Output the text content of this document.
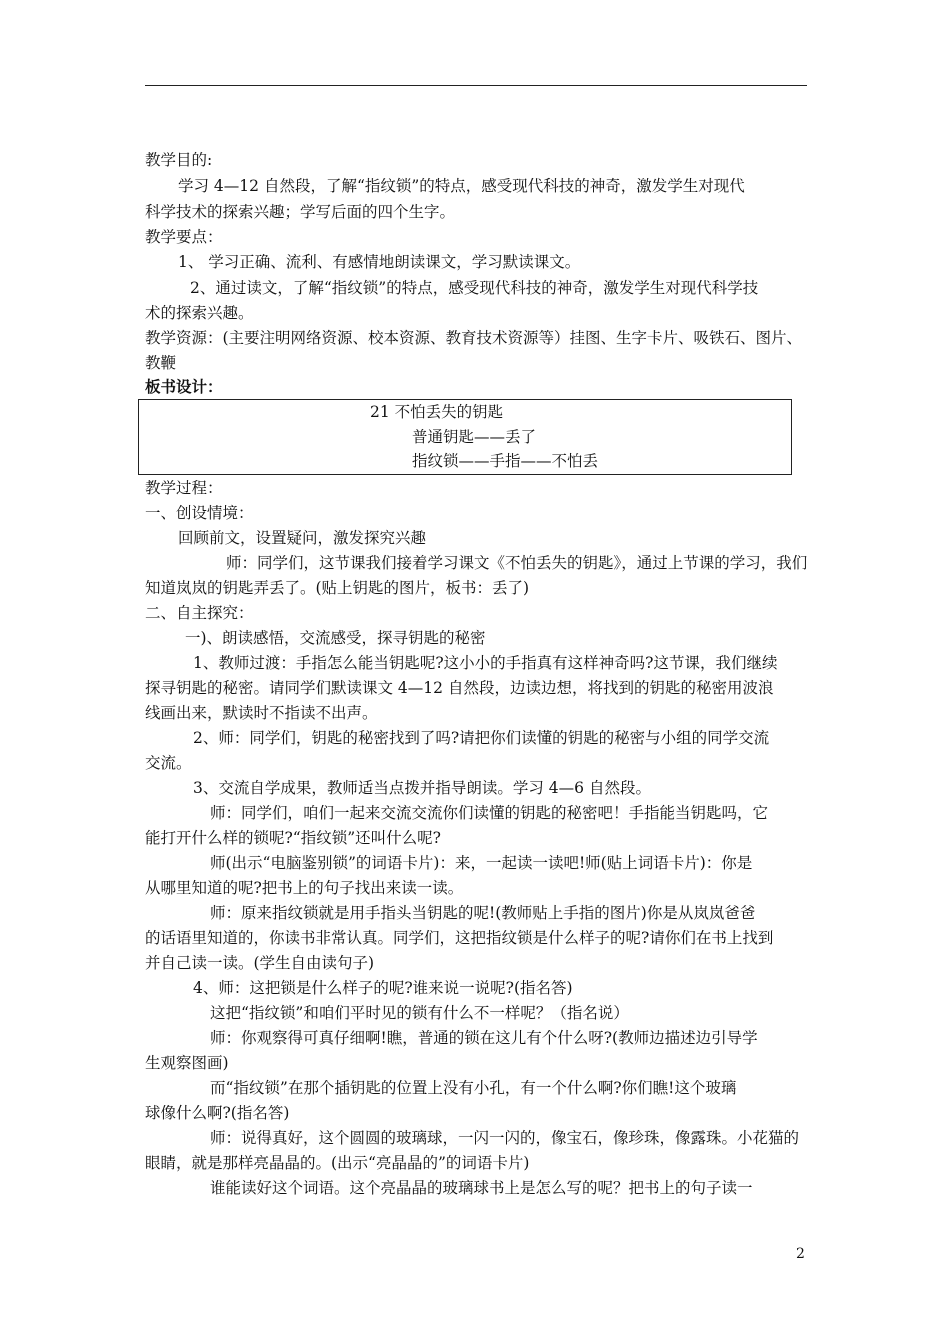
教学目的:
学习 4—12 自然段，了解“指纹锁”的特点，感受现代科技的神奇，激发学生对现代
科学技术的探索兴趣；学写后面的四个生字。
教学要点：
1、 学习正确、流利、有感情地朗读课文，学习默读课文。
2、通过读文，了解“指纹锁”的特点，感受现代科技的神奇，激发学生对现代科学技
术的探索兴趣。
教学资源：(主要注明网络资源、校本资源、教育技术资源等）挂图、生字卡片、吸铁石、图片、
教鞭
板书设计：
21 不怕丢失的钥匙
普通钥匙——丢了
指纹锁——手指——不怕丢
教学过程：
一、创设情境：
回顾前文，设置疑问，激发探究兴趣
师：同学们，这节课我们接着学习课文《不怕丢失的钥匙》，通过上节课的学习，我们
知道岚岚的钥匙弄丢了。(贴上钥匙的图片，板书：丢了)
二、自主探究：
一)、朗读感悟，交流感受，探寻钥匙的秘密
1、教师过渡：手指怎么能当钥匙呢?这小小的手指真有这样神奇吗?这节课，我们继续
探寻钥匙的秘密。请同学们默读课文 4—12 自然段，边读边想，将找到的钥匙的秘密用波浪
线画出来，默读时不指读不出声。
2、师：同学们，钥匙的秘密找到了吗?请把你们读懂的钥匙的秘密与小组的同学交流
交流。
3、交流自学成果，教师适当点拨并指导朗读。学习 4—6 自然段。
师：同学们，咱们一起来交流交流你们读懂的钥匙的秘密吧！手指能当钥匙吗，它
能打开什么样的锁呢?“指纹锁”还叫什么呢?
师(出示“电脑鉴别锁”的词语卡片)：来，一起读一读吧!师(贴上词语卡片)：你是
从哪里知道的呢?把书上的句子找出来读一读。
师：原来指纹锁就是用手指头当钥匙的呢!(教师贴上手指的图片)你是从岚岚爸爸
的话语里知道的，你读书非常认真。同学们，这把指纹锁是什么样子的呢?请你们在书上找到
并自己读一读。(学生自由读句子)
4、师：这把锁是什么样子的呢?谁来说一说呢?(指名答)
这把“指纹锁”和咱们平时见的锁有什么不一样呢？（指名说）
师：你观察得可真仔细啊!瞧，普通的锁在这儿有个什么呀?(教师边描述边引导学
生观察图画)
而“指纹锁”在那个插钥匙的位置上没有小孔，有一个什么啊?你们瞧!这个玻璃
球像什么啊?(指名答)
师：说得真好，这个圆圆的玻璃球，一闪一闪的，像宝石，像珍珠，像露珠。小花猫的
眼睛，就是那样亮晶晶的。(出示“亮晶晶的”的词语卡片)
谁能读好这个词语。这个亮晶晶的玻璃球书上是怎么写的呢？把书上的句子读一
2
